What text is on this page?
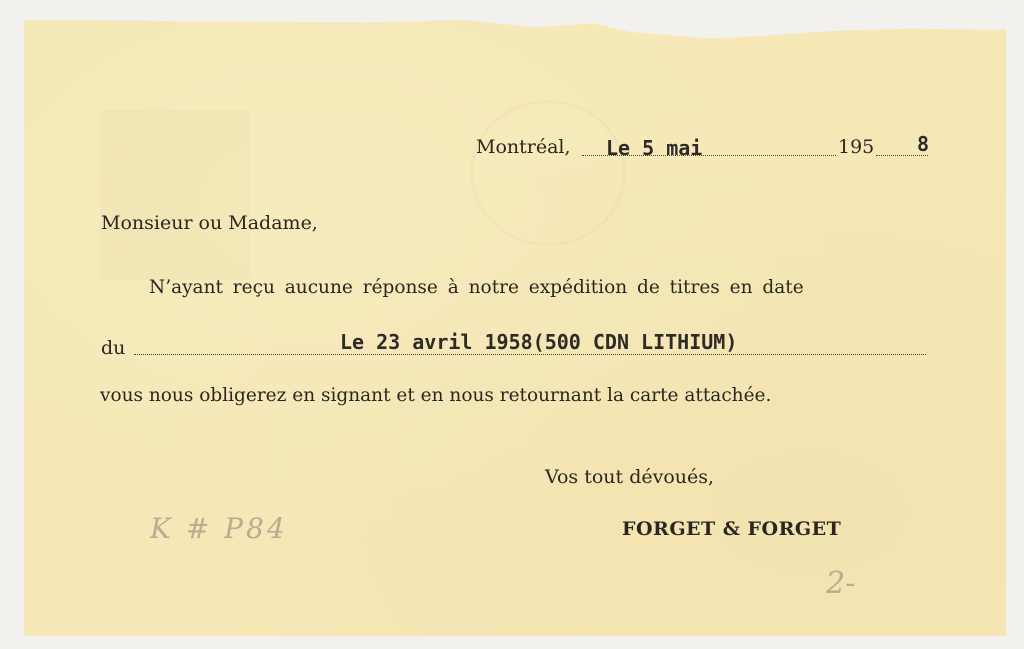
Montréal, Le 5 mai	195 8
Monsieur ou Madame,
N’ayant reçu aucune réponse à notre expédition de titres en date
du	Le 23 avril 1958(500 CDN LITHIUM)
vous nous obligerez en signant et en nous retournant la carte attachée.
Vos tout dévoués,
FORGET & FORGET
K # P84
2-
